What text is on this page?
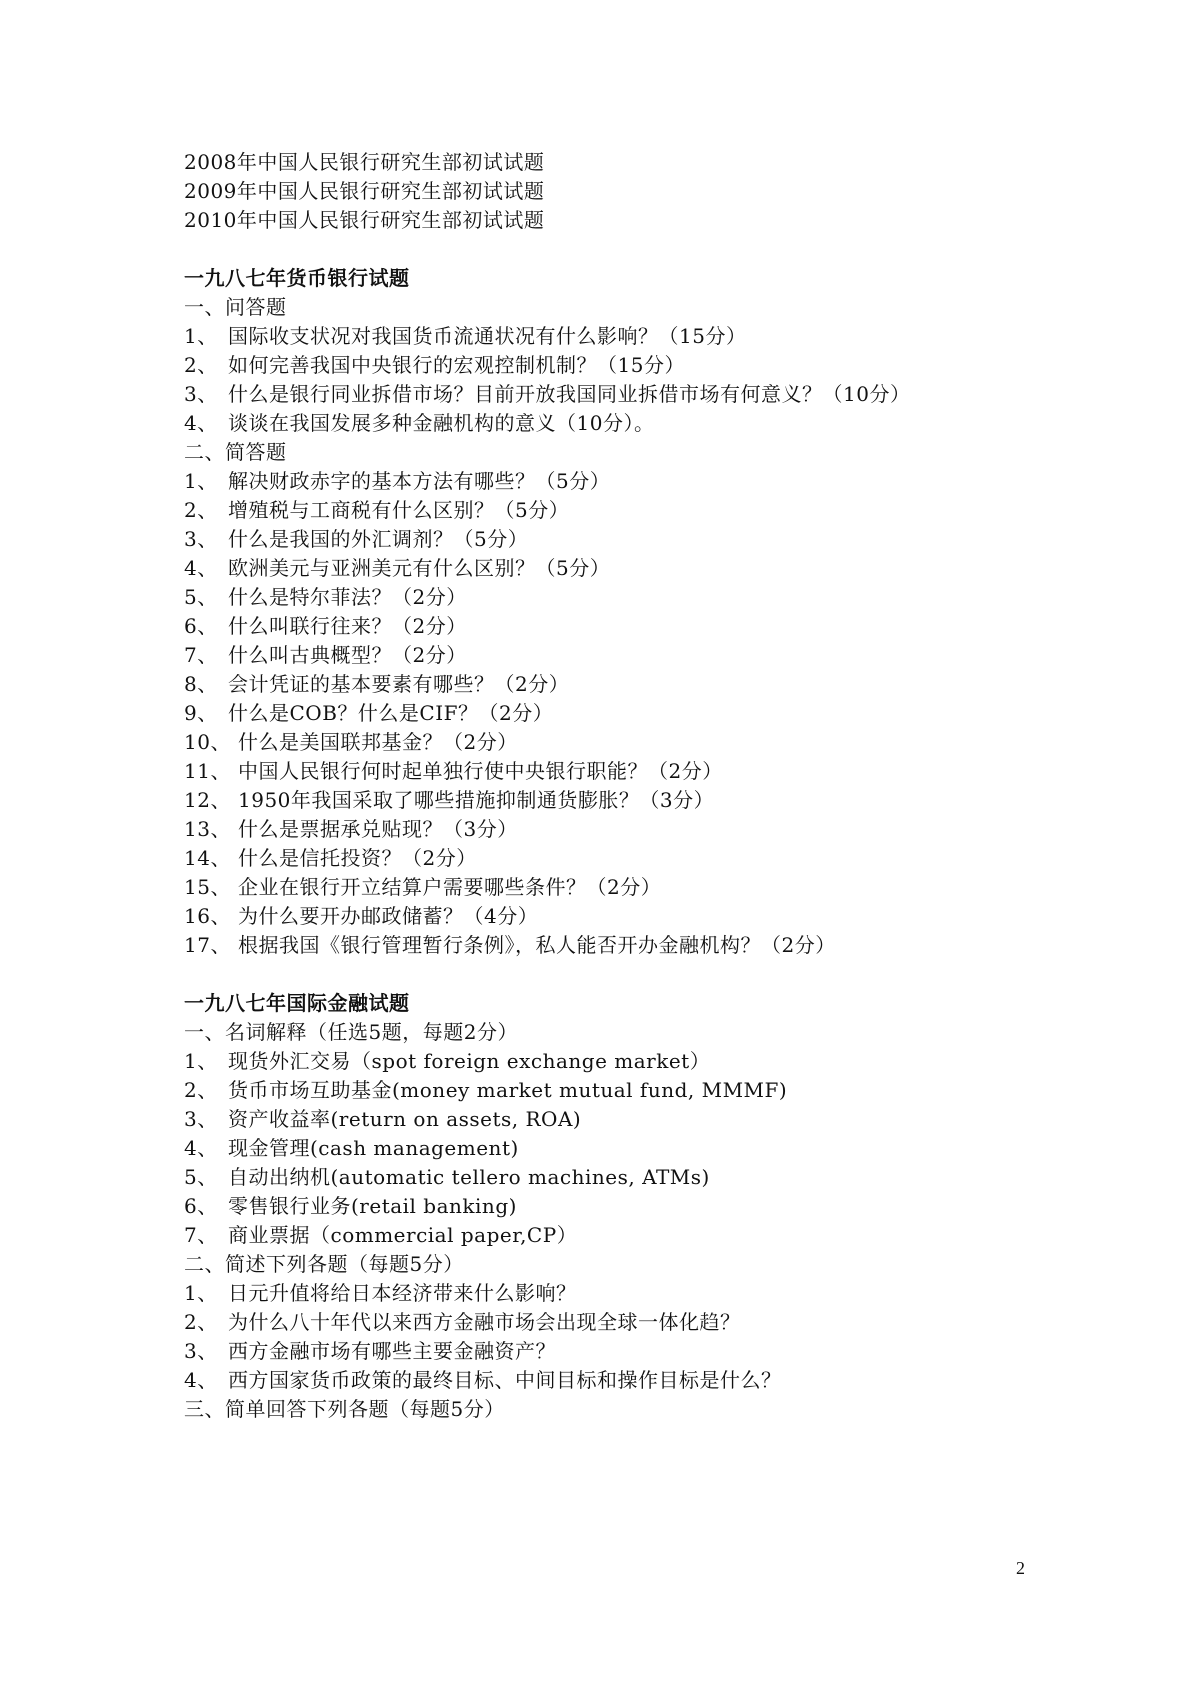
2008年中国人民银行研究生部初试试题
2009年中国人民银行研究生部初试试题
2010年中国人民银行研究生部初试试题
一九八七年货币银行试题
一、问答题
1、 国际收支状况对我国货币流通状况有什么影响？（15分）
2、 如何完善我国中央银行的宏观控制机制？（15分）
3、 什么是银行同业拆借市场？目前开放我国同业拆借市场有何意义？（10分）
4、 谈谈在我国发展多种金融机构的意义（10分）。
二、简答题
1、 解决财政赤字的基本方法有哪些？（5分）
2、 增殖税与工商税有什么区别？（5分）
3、 什么是我国的外汇调剂？（5分）
4、 欧洲美元与亚洲美元有什么区别？（5分）
5、 什么是特尔菲法？（2分）
6、 什么叫联行往来？（2分）
7、 什么叫古典概型？（2分）
8、 会计凭证的基本要素有哪些？（2分）
9、 什么是COB？什么是CIF？（2分）
10、 什么是美国联邦基金？（2分）
11、 中国人民银行何时起单独行使中央银行职能？（2分）
12、 1950年我国采取了哪些措施抑制通货膨胀？（3分）
13、 什么是票据承兑贴现？（3分）
14、 什么是信托投资？（2分）
15、 企业在银行开立结算户需要哪些条件？（2分）
16、 为什么要开办邮政储蓄？（4分）
17、 根据我国《银行管理暂行条例》，私人能否开办金融机构？（2分）
一九八七年国际金融试题
一、名词解释（任选5题，每题2分）
1、 现货外汇交易（spot foreign exchange market）
2、 货币市场互助基金(money market mutual fund, MMMF)
3、 资产收益率(return on assets, ROA)
4、 现金管理(cash management)
5、 自动出纳机(automatic tellero machines, ATMs)
6、 零售银行业务(retail banking)
7、 商业票据（commercial paper,CP）
二、简述下列各题（每题5分）
1、 日元升值将给日本经济带来什么影响？
2、 为什么八十年代以来西方金融市场会出现全球一体化趋？
3、 西方金融市场有哪些主要金融资产？
4、 西方国家货币政策的最终目标、中间目标和操作目标是什么？
三、简单回答下列各题（每题5分）
2
